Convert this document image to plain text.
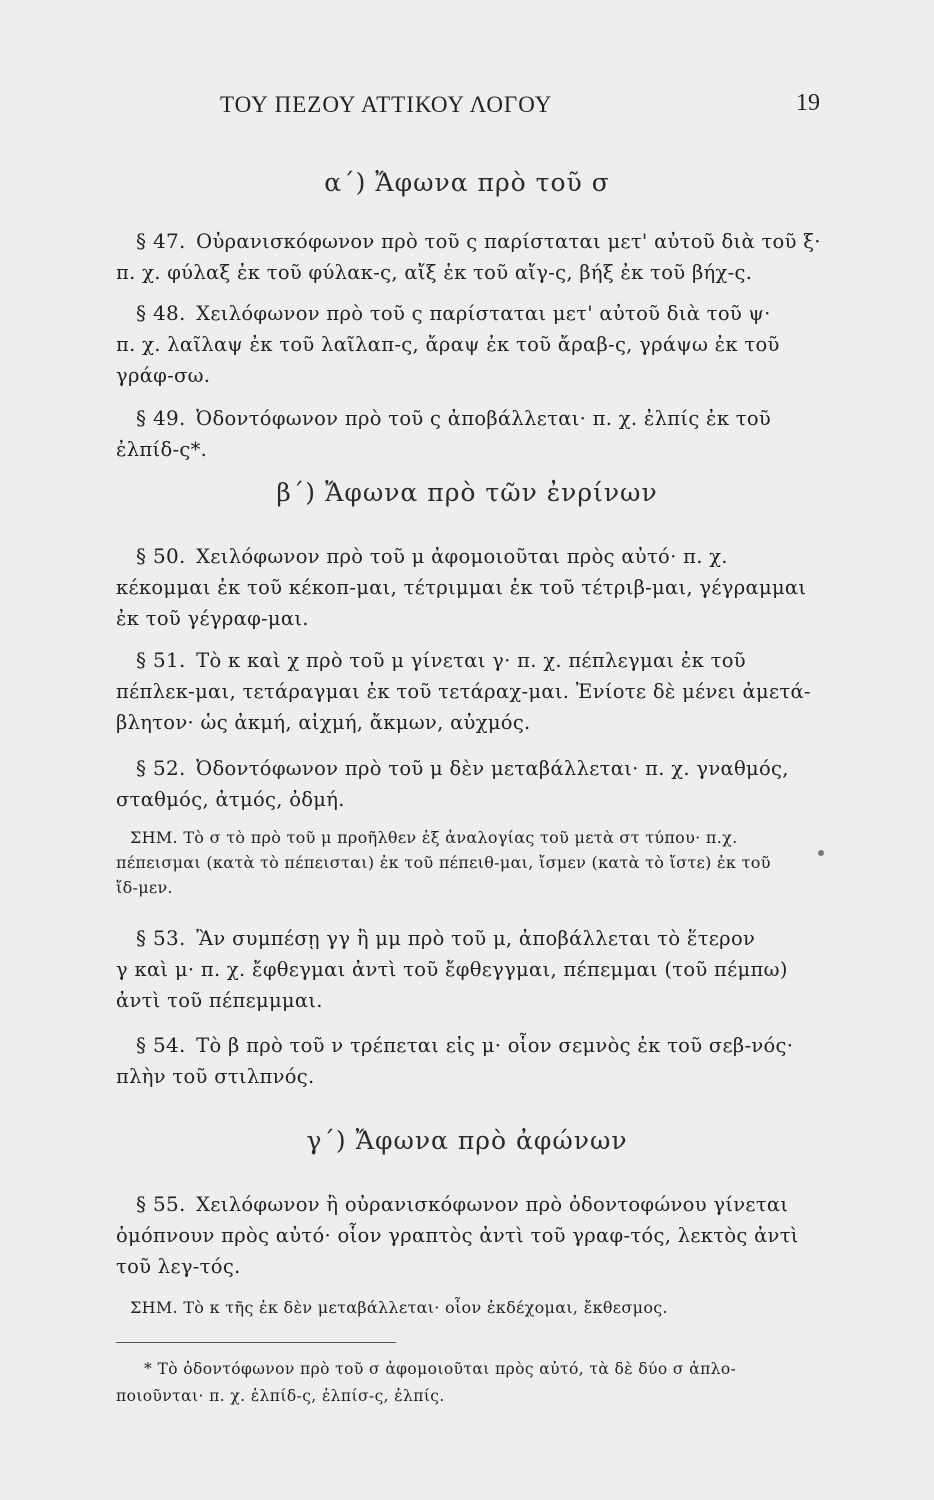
ΤΟΥ ΠΕΖΟΥ ΑΤΤΙΚΟΥ ΛΟΓΟΥ	19
α΄) Ἄφωνα πρὸ τοῦ σ
§ 47. Οὐρανισκόφωνον πρὸ τοῦ ς παρίσταται μετ' αὐτοῦ διὰ τοῦ ξ·
π. χ. φύλαξ ἐκ τοῦ φύλακ-ς, αἴξ ἐκ τοῦ αἴγ-ς, βήξ ἐκ τοῦ βήχ-ς.
§ 48. Χειλόφωνον πρὸ τοῦ ς παρίσταται μετ' αὐτοῦ διὰ τοῦ ψ·
π. χ. λαῖλαψ ἐκ τοῦ λαῖλαπ-ς, ἄραψ ἐκ τοῦ ἄραβ-ς, γράψω ἐκ τοῦ
γράφ-σω.
§ 49. Ὀδοντόφωνον πρὸ τοῦ ς ἀποβάλλεται· π. χ. ἐλπίς ἐκ τοῦ
ἐλπίδ-ς*.
β΄) Ἄφωνα πρὸ τῶν ἐνρίνων
§ 50. Χειλόφωνον πρὸ τοῦ μ ἀφομοιοῦται πρὸς αὐτό· π. χ.
κέκομμαι ἐκ τοῦ κέκοπ-μαι, τέτριμμαι ἐκ τοῦ τέτριβ-μαι, γέγραμμαι
ἐκ τοῦ γέγραφ-μαι.
§ 51. Τὸ κ καὶ χ πρὸ τοῦ μ γίνεται γ· π. χ. πέπλεγμαι ἐκ τοῦ
πέπλεκ-μαι, τετάραγμαι ἐκ τοῦ τετάραχ-μαι. Ἐνίοτε δὲ μένει ἀμετά-
βλητον· ὡς ἀκμή, αἰχμή, ἄκμων, αὐχμός.
§ 52. Ὀδοντόφωνον πρὸ τοῦ μ δὲν μεταβάλλεται· π. χ. γναθμός,
σταθμός, ἀτμός, ὀδμή.
ΣΗΜ. Τὸ σ τὸ πρὸ τοῦ μ προῆλθεν ἐξ ἀναλογίας τοῦ μετὰ στ τύπου· π.χ.
πέπεισμαι (κατὰ τὸ πέπεισται) ἐκ τοῦ πέπειθ-μαι, ἴσμεν (κατὰ τὸ ἴστε) ἐκ τοῦ
ἴδ-μεν.
§ 53. Ἂν συμπέσῃ γγ ἢ μμ πρὸ τοῦ μ, ἀποβάλλεται τὸ ἕτερον
γ καὶ μ· π. χ. ἔφθεγμαι ἀντὶ τοῦ ἔφθεγγμαι, πέπεμμαι (τοῦ πέμπω)
ἀντὶ τοῦ πέπεμμμαι.
§ 54. Τὸ β πρὸ τοῦ ν τρέπεται εἰς μ· οἷον σεμνὸς ἐκ τοῦ σεβ-νός·
πλὴν τοῦ στιλπνός.
γ΄) Ἄφωνα πρὸ ἀφώνων
§ 55. Χειλόφωνον ἢ οὐρανισκόφωνον πρὸ ὀδοντοφώνου γίνεται
ὁμόπνουν πρὸς αὐτό· οἷον γραπτὸς ἀντὶ τοῦ γραφ-τός, λεκτὸς ἀντὶ
τοῦ λεγ-τός.
ΣΗΜ. Τὸ κ τῆς ἐκ δὲν μεταβάλλεται· οἷον ἐκδέχομαι, ἔκθεσμος.
* Τὸ ὀδοντόφωνον πρὸ τοῦ σ ἀφομοιοῦται πρὸς αὐτό, τὰ δὲ δύο σ ἁπλο-
ποιοῦνται· π. χ. ἐλπίδ-ς, ἐλπίσ-ς, ἐλπίς.
